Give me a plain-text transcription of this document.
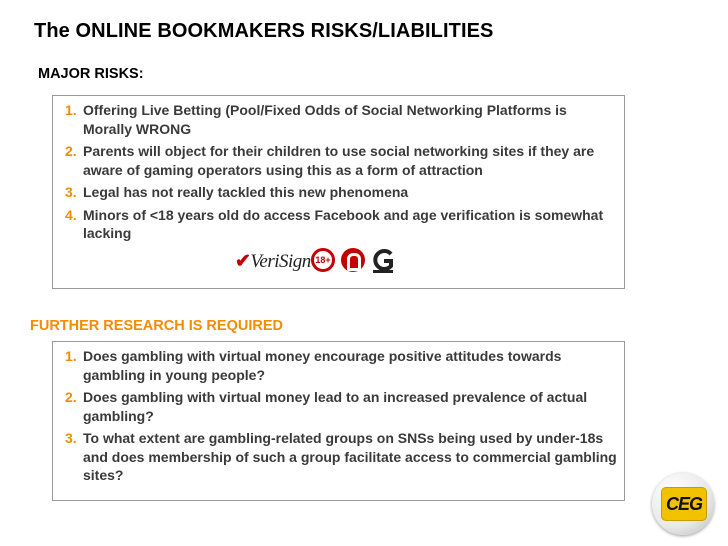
The ONLINE BOOKMAKERS RISKS/LIABILITIES
MAJOR RISKS:
1. Offering Live Betting (Pool/Fixed Odds of Social Networking Platforms is Morally WRONG
2. Parents will object for their children to use social networking sites if they are aware of gaming operators using this as a form of attraction
3. Legal has not really tackled this new phenomena
4. Minors of <18 years old do access Facebook and age verification is somewhat lacking
✔VeriSign 18+
FURTHER RESEARCH IS REQUIRED
1. Does gambling with virtual money encourage positive attitudes towards gambling in young people?
2. Does gambling with virtual money lead to an increased prevalence of actual gambling?
3. To what extent are gambling-related groups on SNSs being used by under-18s and does membership of such a group facilitate access to commercial gambling sites?
CEG
